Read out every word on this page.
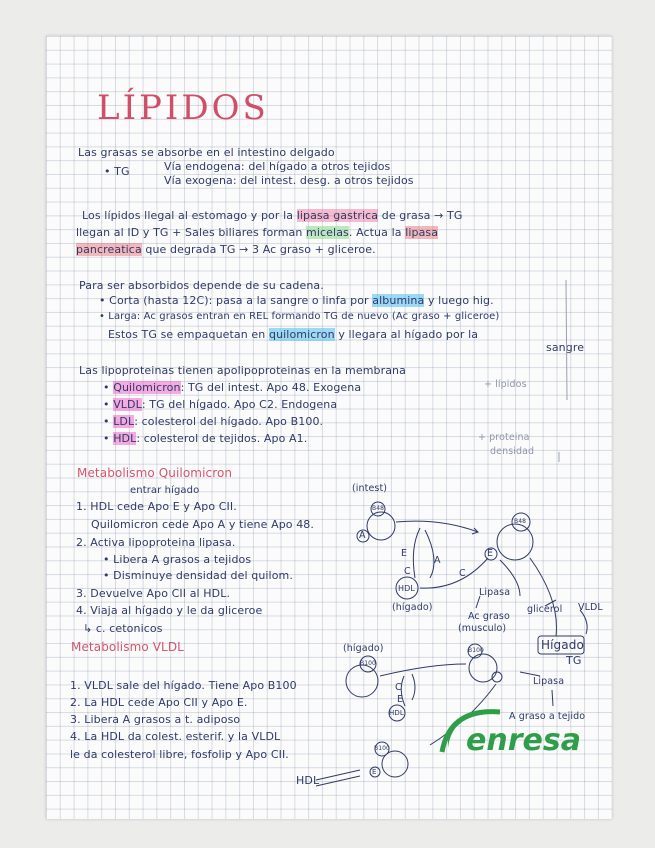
LÍPIDOS
Las grasas se absorbe en el intestino delgado
• TG	Vía endogena: del hígado a otros tejidos
Vía exogena: del intest. desg. a otros tejidos
Los lípidos llegal al estomago y por la lipasa gastrica de grasa → TG
llegan al ID y TG + Sales biliares forman micelas. Actua la lipasa
pancreatica que degrada TG → 3 Ac graso + gliceroe.
Para ser absorbidos depende de su cadena.
• Corta (hasta 12C): pasa a la sangre o linfa por albumina y luego hig.
• Larga: Ac grasos entran en REL formando TG de nuevo (Ac graso + gliceroe)
Estos TG se empaquetan en quilomicron y llegara al hígado por la
sangre
Las lipoproteinas tienen apolipoproteinas en la membrana
• Quilomicron: TG del intest. Apo 48. Exogena
• VLDL: TG del hígado. Apo C2. Endogena
• LDL: colesterol del hígado. Apo B100.
• HDL: colesterol de tejidos. Apo A1.
+ lípidos
+ proteina
densidad
Metabolismo Quilomicron
entrar hígado
1. HDL cede Apo E y Apo CII.
Quilomicron cede Apo A y tiene Apo 48.
2. Activa lipoproteina lipasa.
• Libera A grasos a tejidos
• Disminuye densidad del quilom.
3. Devuelve Apo CII al HDL.
4. Viaja al hígado y le da gliceroe
↳ c. cetonicos
(intest)
B48
A
B48
E
E
A
C
C
HDL
(hígado)
Lipasa
Ac graso
(musculo)
glicerol VLDL
Hígado
TG
Metabolismo VLDL
1. VLDL sale del hígado. Tiene Apo B100
2. La HDL cede Apo CII y Apo E.
3. Libera A grasos a t. adiposo
4. La HDL da colest. esterif. y la VLDL
le da colesterol libre, fosfolip y Apo CII.
(hígado)
B100
B100
C
E
HDL
Lipasa
A graso a tejido
B100
E
HDL
enresa
